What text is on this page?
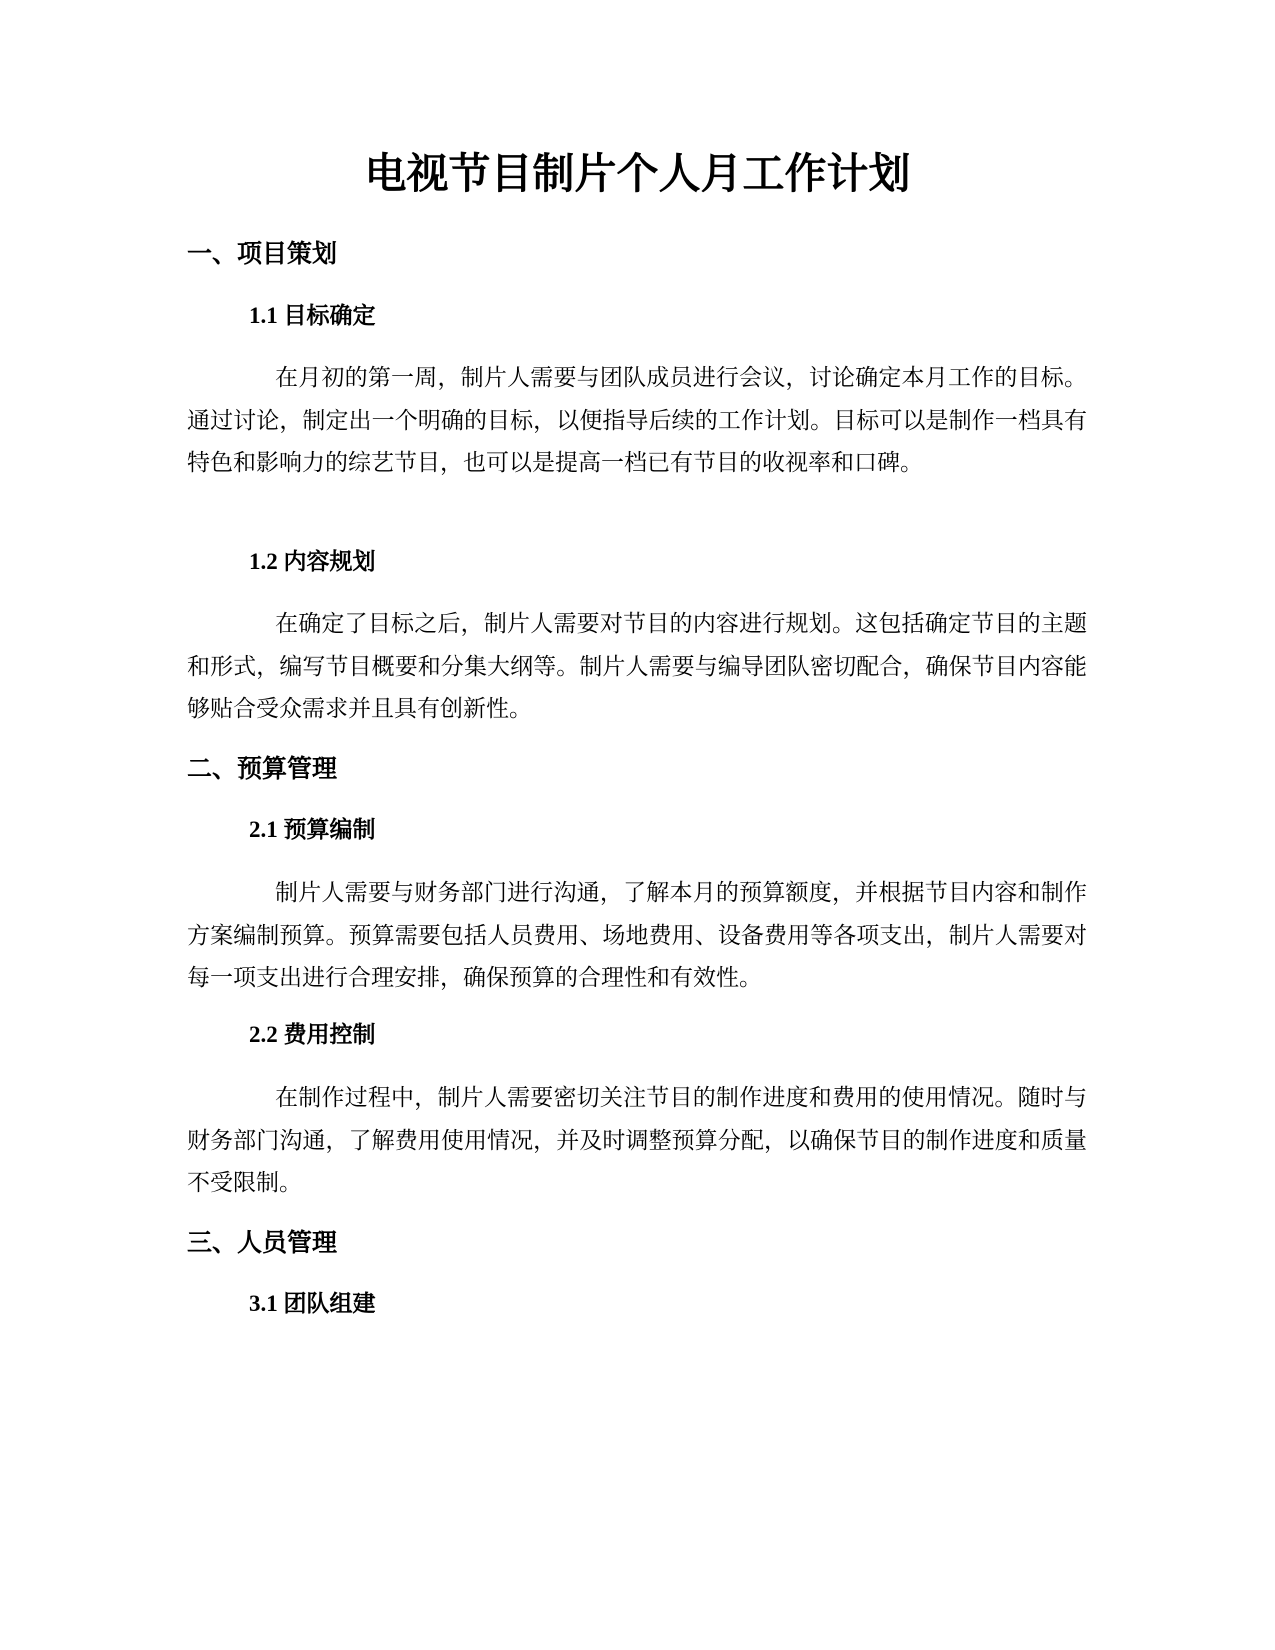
电视节目制片个人月工作计划
一、项目策划
1.1 目标确定

在月初的第一周，制片人需要与团队成员进行会议，讨论确定本月工作的目标。通过讨论，制定出一个明确的目标，以便指导后续的工作计划。目标可以是制作一档具有特色和影响力的综艺节目，也可以是提高一档已有节目的收视率和口碑。

1.2 内容规划

在确定了目标之后，制片人需要对节目的内容进行规划。这包括确定节目的主题和形式，编写节目概要和分集大纲等。制片人需要与编导团队密切配合，确保节目内容能够贴合受众需求并且具有创新性。

二、预算管理
2.1 预算编制

制片人需要与财务部门进行沟通，了解本月的预算额度，并根据节目内容和制作方案编制预算。预算需要包括人员费用、场地费用、设备费用等各项支出，制片人需要对每一项支出进行合理安排，确保预算的合理性和有效性。

2.2 费用控制

在制作过程中，制片人需要密切关注节目的制作进度和费用的使用情况。随时与财务部门沟通，了解费用使用情况，并及时调整预算分配，以确保节目的制作进度和质量不受限制。

三、人员管理
3.1 团队组建
